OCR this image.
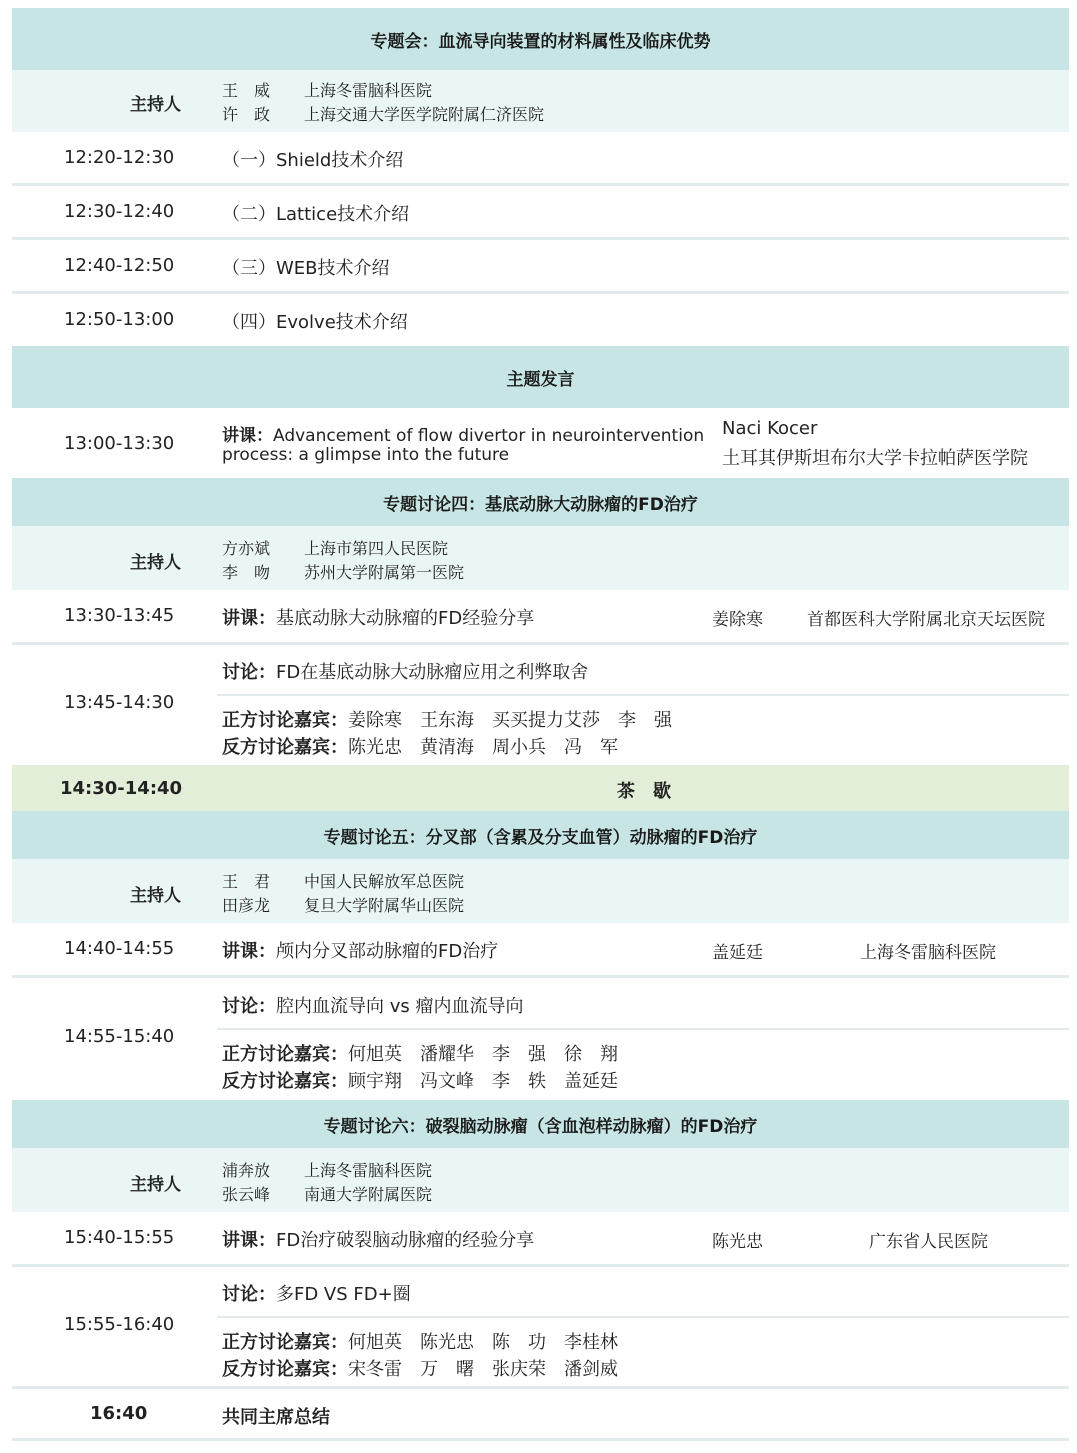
专题会：血流导向装置的材料属性及临床优势
主持人
王　威 上海冬雷脑科医院
许　政 上海交通大学医学院附属仁济医院
12:20-12:30	（一）Shield技术介绍
12:30-12:40	（二）Lattice技术介绍
12:40-12:50	（三）WEB技术介绍
12:50-13:00	（四）Evolve技术介绍
主题发言
13:00-13:30	讲课：Advancement of flow divertor in neurointervention
process: a glimpse into the future
Naci Kocer
土耳其伊斯坦布尔大学卡拉帕萨医学院
专题讨论四：基底动脉大动脉瘤的FD治疗
主持人
方亦斌 上海市第四人民医院
李　吻 苏州大学附属第一医院
13:30-13:45	讲课：基底动脉大动脉瘤的FD经验分享	姜除寒	首都医科大学附属北京天坛医院
13:45-14:30
讨论：FD在基底动脉大动脉瘤应用之利弊取舍
正方讨论嘉宾：姜除寒　王东海　买买提力艾莎　李　强
反方讨论嘉宾：陈光忠　黄清海　周小兵　冯　军
14:30-14:40	茶　歇
专题讨论五：分叉部（含累及分支血管）动脉瘤的FD治疗
主持人
王　君 中国人民解放军总医院
田彦龙 复旦大学附属华山医院
14:40-14:55	讲课：颅内分叉部动脉瘤的FD治疗	盖延廷	上海冬雷脑科医院
14:55-15:40
讨论：腔内血流导向 vs 瘤内血流导向
正方讨论嘉宾：何旭英　潘耀华　李　强　徐　翔
反方讨论嘉宾：顾宇翔　冯文峰　李　轶　盖延廷
专题讨论六：破裂脑动脉瘤（含血泡样动脉瘤）的FD治疗
主持人
浦奔放 上海冬雷脑科医院
张云峰 南通大学附属医院
15:40-15:55	讲课：FD治疗破裂脑动脉瘤的经验分享	陈光忠	广东省人民医院
15:55-16:40
讨论：多FD VS FD+圈
正方讨论嘉宾：何旭英　陈光忠　陈　功　李桂林
反方讨论嘉宾：宋冬雷　万　曙　张庆荣　潘剑威
16:40	共同主席总结
